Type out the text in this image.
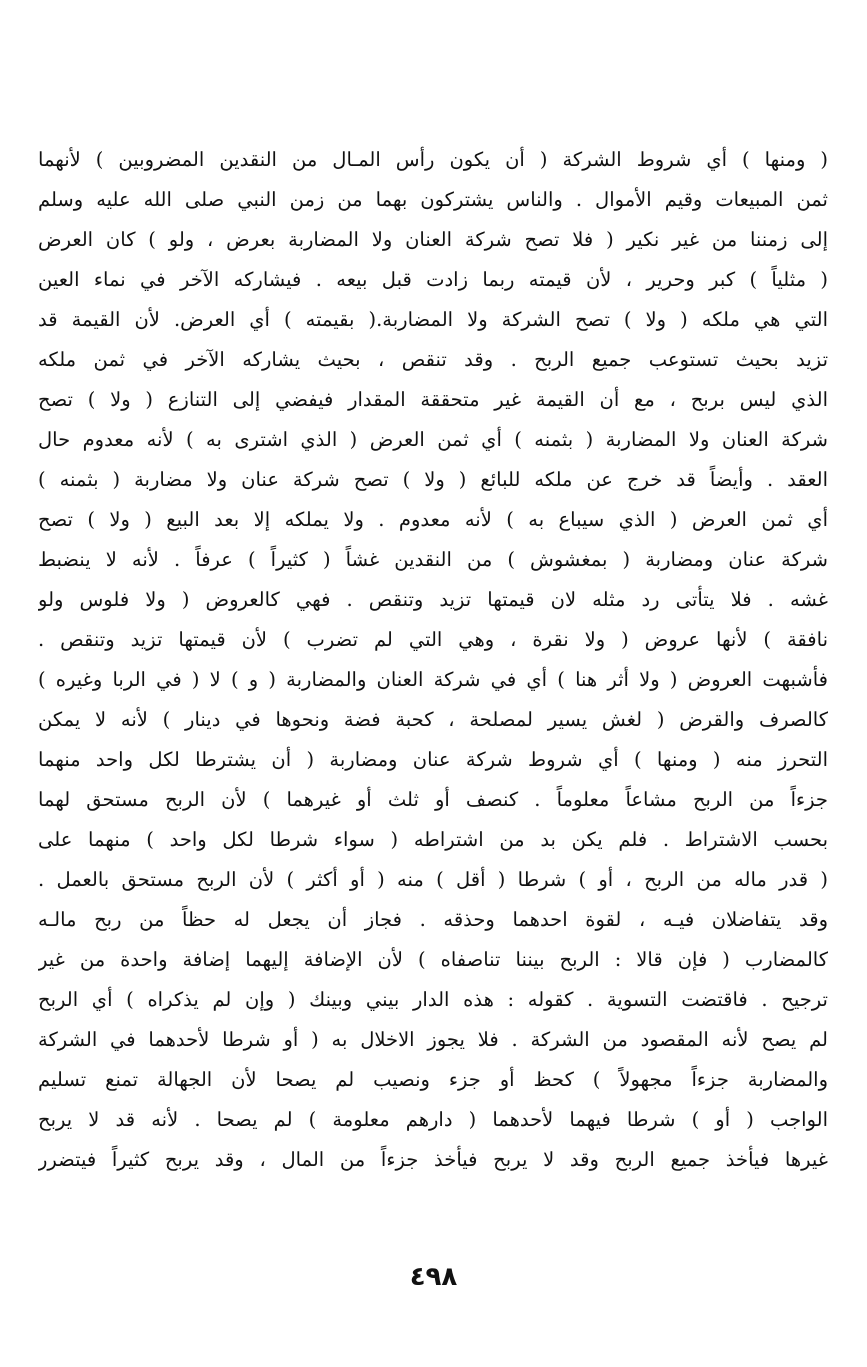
( ومنها ) أي شروط الشركة ( أن يكون رأس المـال من النقدين المضروبين ) لأنهما
ثمن المبيعات وقيم الأموال . والناس يشتركون بهما من زمن النبي صلى الله عليه وسلم
إلى زمننا من غير نكير ( فلا تصح شركة العنان ولا المضاربة بعرض ، ولو ) كان العرض
( مثلياً ) كبر وحرير ، لأن قيمته ربما زادت قبل بيعه . فيشاركه الآخر في نماء العين
التي هي ملكه ( ولا ) تصح الشركة ولا المضاربة.( بقيمته ) أي العرض. لأن القيمة قد
تزيد بحيث تستوعب جميع الربح . وقد تنقص ، بحيث يشاركه الآخر في ثمن ملكه
الذي ليس بربح ، مع أن القيمة غير متحققة المقدار فيفضي إلى التنازع ( ولا ) تصح
شركة العنان ولا المضاربة ( بثمنه ) أي ثمن العرض ( الذي اشترى به ) لأنه معدوم حال
العقد . وأيضاً قد خرج عن ملكه للبائع ( ولا ) تصح شركة عنان ولا مضاربة ( بثمنه )
أي ثمن العرض ( الذي سيباع به ) لأنه معدوم . ولا يملكه إلا بعد البيع ( ولا ) تصح
شركة عنان ومضاربة ( بمغشوش ) من النقدين غشاً ( كثيراً ) عرفاً . لأنه لا ينضبط
غشه . فلا يتأتى رد مثله لان قيمتها تزيد وتنقص . فهي كالعروض ( ولا فلوس ولو
نافقة ) لأنها عروض ( ولا نقرة ، وهي التي لم تضرب ) لأن قيمتها تزيد وتنقص .
فأشبهت العروض ( ولا أثر هنا ) أي في شركة العنان والمضاربة ( و ) لا ( في الربا وغيره )
كالصرف والقرض ( لغش يسير لمصلحة ، كحبة فضة ونحوها في دينار ) لأنه لا يمكن
التحرز منه ( ومنها ) أي شروط شركة عنان ومضاربة ( أن يشترطا لكل واحد منهما
جزءاً من الربح مشاعاً معلوماً . كنصف أو ثلث أو غيرهما ) لأن الربح مستحق لهما
بحسب الاشتراط . فلم يكن بد من اشتراطه ( سواء شرطا لكل واحد ) منهما على
( قدر ماله من الربح ، أو ) شرطا ( أقل ) منه ( أو أكثر ) لأن الربح مستحق بالعمل .
وقد يتفاضلان فيـه ، لقوة احدهما وحذقه . فجاز أن يجعل له حظاً من ربح مالـه
كالمضارب ( فإن قالا : الربح بيننا تناصفاه ) لأن الإضافة إليهما إضافة واحدة من غير
ترجيح . فاقتضت التسوية . كقوله : هذه الدار بيني وبينك ( وإن لم يذكراه ) أي الربح
لم يصح لأنه المقصود من الشركة . فلا يجوز الاخلال به ( أو شرطا لأحدهما في الشركة
والمضاربة جزءاً مجهولاً ) كحظ أو جزء ونصيب لم يصحا لأن الجهالة تمنع تسليم
الواجب ( أو ) شرطا فيهما لأحدهما ( دارهم معلومة ) لم يصحا . لأنه قد لا يربح
غيرها فيأخذ جميع الربح وقد لا يربح فيأخذ جزءاً من المال ، وقد يربح كثيراً فيتضرر
٤٩٨
